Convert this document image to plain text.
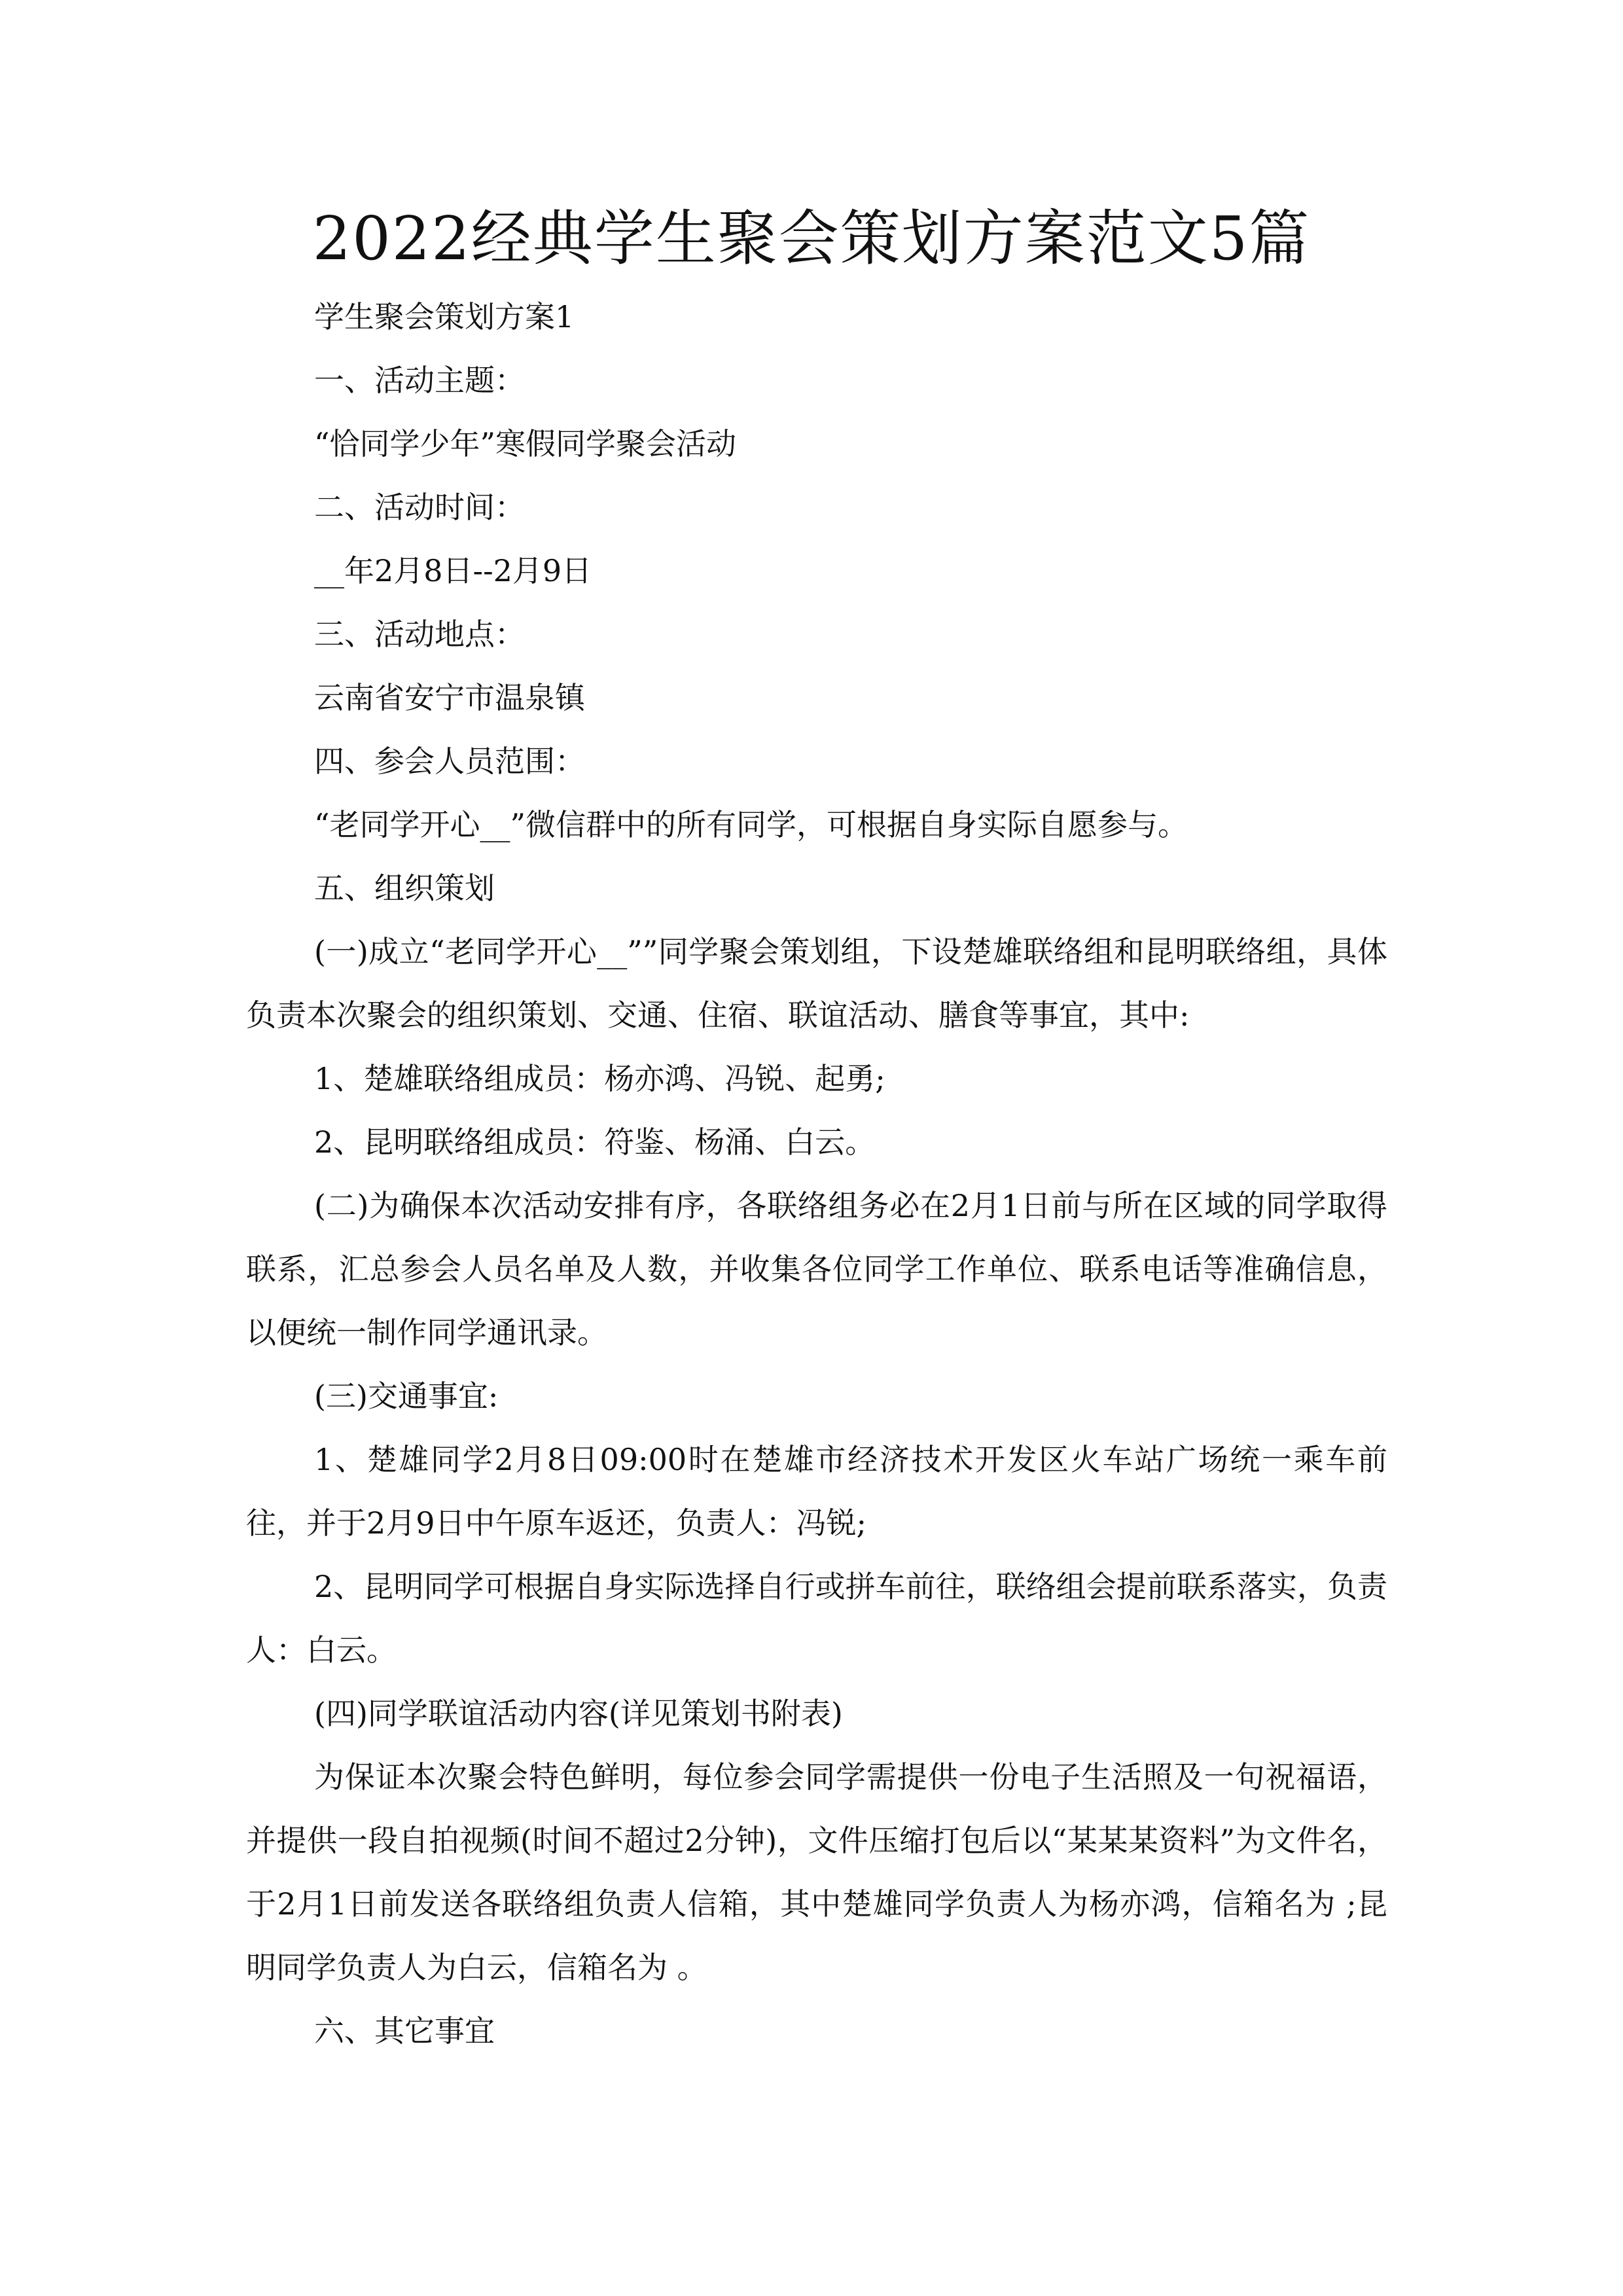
2022经典学生聚会策划方案范文5篇
学生聚会策划方案1
一、活动主题：
“恰同学少年”寒假同学聚会活动
二、活动时间：
__年2月8日--2月9日
三、活动地点：
云南省安宁市温泉镇
四、参会人员范围：
“老同学开心__”微信群中的所有同学，可根据自身实际自愿参与。
五、组织策划
(一)成立“老同学开心__””同学聚会策划组，下设楚雄联络组和昆明联络组，具体负责本次聚会的组织策划、交通、住宿、联谊活动、膳食等事宜，其中:
1、楚雄联络组成员：杨亦鸿、冯锐、起勇;
2、昆明联络组成员：符鉴、杨涌、白云。
(二)为确保本次活动安排有序，各联络组务必在2月1日前与所在区域的同学取得联系，汇总参会人员名单及人数，并收集各位同学工作单位、联系电话等准确信息，以便统一制作同学通讯录。
(三)交通事宜:
1、楚雄同学2月8日09:00时在楚雄市经济技术开发区火车站广场统一乘车前往，并于2月9日中午原车返还，负责人：冯锐;
2、昆明同学可根据自身实际选择自行或拼车前往，联络组会提前联系落实，负责人：白云。
(四)同学联谊活动内容(详见策划书附表)
为保证本次聚会特色鲜明，每位参会同学需提供一份电子生活照及一句祝福语，并提供一段自拍视频(时间不超过2分钟)，文件压缩打包后以“某某某资料”为文件名，于2月1日前发送各联络组负责人信箱，其中楚雄同学负责人为杨亦鸿，信箱名为 ;昆明同学负责人为白云，信箱名为 。
六、其它事宜
